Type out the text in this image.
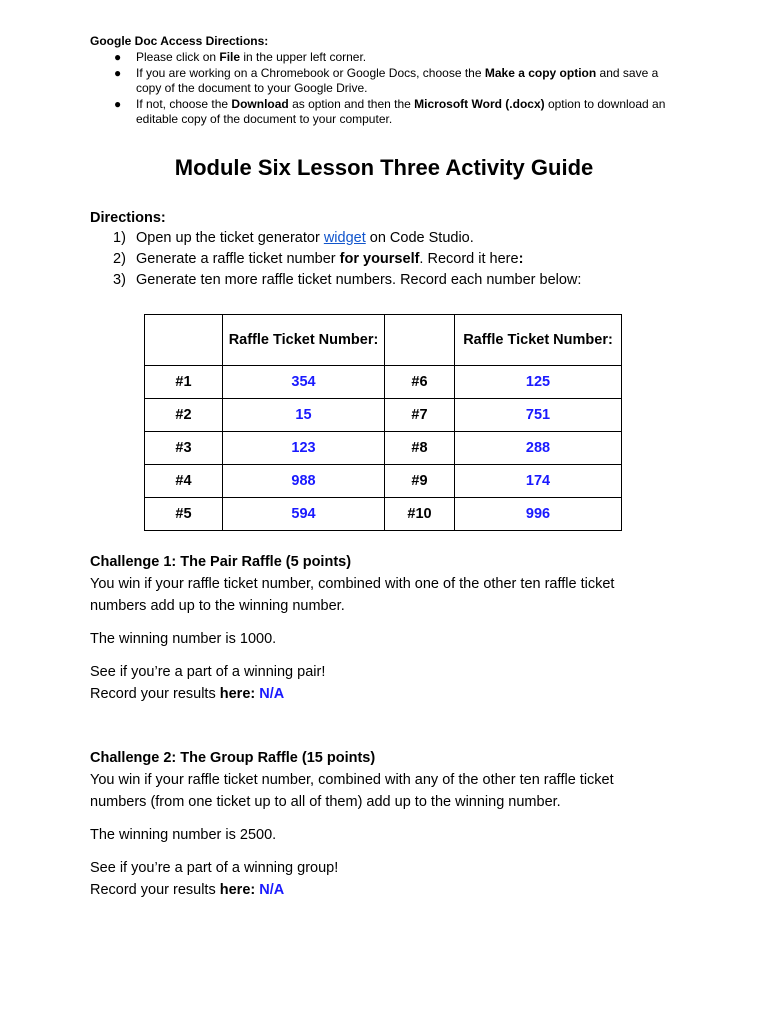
Google Doc Access Directions:
● Please click on File in the upper left corner.
● If you are working on a Chromebook or Google Docs, choose the Make a copy option and save a copy of the document to your Google Drive.
● If not, choose the Download as option and then the Microsoft Word (.docx) option to download an editable copy of the document to your computer.
Module Six Lesson Three Activity Guide
Directions:
1) Open up the ticket generator widget on Code Studio.
2) Generate a raffle ticket number for yourself. Record it here:
3) Generate ten more raffle ticket numbers. Record each number below:
	Raffle Ticket Number:		Raffle Ticket Number:
#1	354	#6	125
#2	15	#7	751
#3	123	#8	288
#4	988	#9	174
#5	594	#10	996
Challenge 1: The Pair Raffle (5 points)
You win if your raffle ticket number, combined with one of the other ten raffle ticket numbers add up to the winning number.
The winning number is 1000.
See if you’re a part of a winning pair!
Record your results here: N/A
Challenge 2: The Group Raffle (15 points)
You win if your raffle ticket number, combined with any of the other ten raffle ticket numbers (from one ticket up to all of them) add up to the winning number.
The winning number is 2500.
See if you’re a part of a winning group!
Record your results here: N/A
